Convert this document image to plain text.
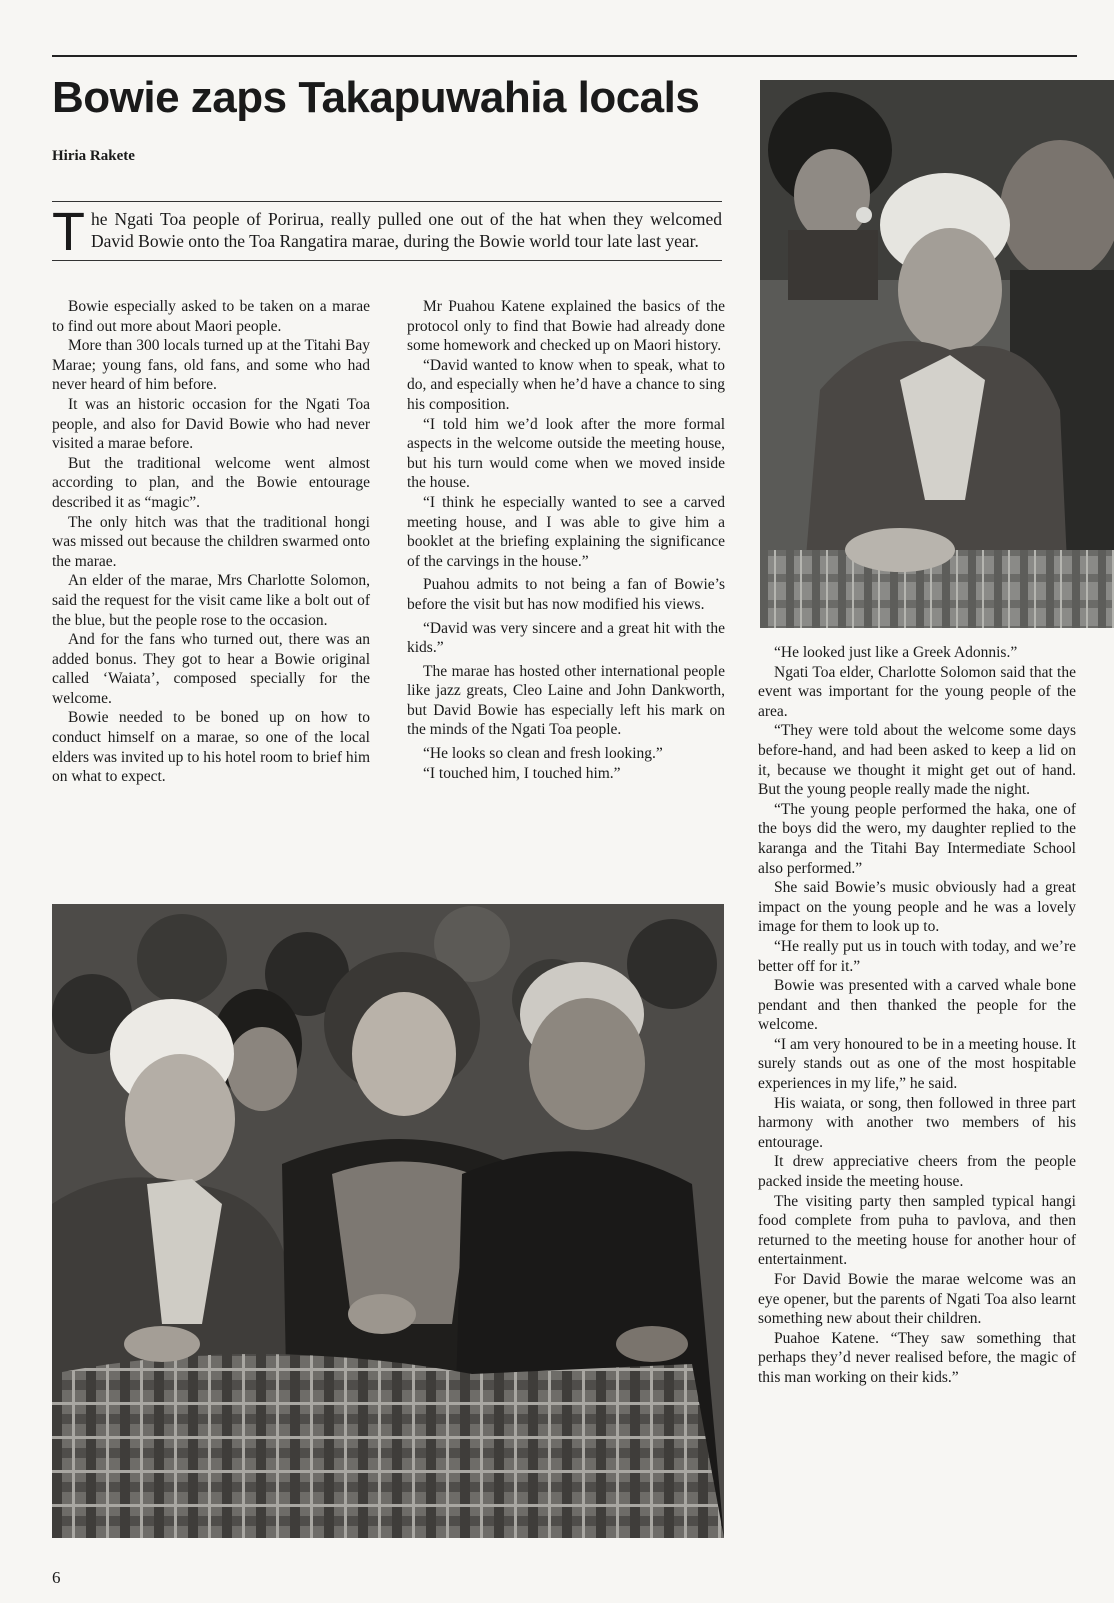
Bowie zaps Takapuwahia locals
Hiria Rakete

The Ngati Toa people of Porirua, really pulled one out of the hat when they welcomed David Bowie onto the Toa Rangatira marae, during the Bowie world tour late last year.

Bowie especially asked to be taken on a marae to find out more about Maori people.

More than 300 locals turned up at the Titahi Bay Marae; young fans, old fans, and some who had never heard of him before.

It was an historic occasion for the Ngati Toa people, and also for David Bowie who had never visited a marae before.

But the traditional welcome went almost according to plan, and the Bowie entourage described it as “magic”.

The only hitch was that the traditional hongi was missed out because the children swarmed onto the marae.

An elder of the marae, Mrs Charlotte Solomon, said the request for the visit came like a bolt out of the blue, but the people rose to the occasion.

And for the fans who turned out, there was an added bonus. They got to hear a Bowie original called ‘Waiata’, composed specially for the welcome.

Bowie needed to be boned up on how to conduct himself on a marae, so one of the local elders was invited up to his hotel room to brief him on what to expect.

Mr Puahou Katene explained the basics of the protocol only to find that Bowie had already done some homework and checked up on Maori history.

“David wanted to know when to speak, what to do, and especially when he’d have a chance to sing his composition.

“I told him we’d look after the more formal aspects in the welcome outside the meeting house, but his turn would come when we moved inside the house.

“I think he especially wanted to see a carved meeting house, and I was able to give him a booklet at the briefing explaining the significance of the carvings in the house.”

Puahou admits to not being a fan of Bowie’s before the visit but has now modified his views.

“David was very sincere and a great hit with the kids.”

The marae has hosted other international people like jazz greats, Cleo Laine and John Dankworth, but David Bowie has especially left his mark on the minds of the Ngati Toa people.

“He looks so clean and fresh looking.”

“I touched him, I touched him.”

“He looked just like a Greek Adonnis.”

Ngati Toa elder, Charlotte Solomon said that the event was important for the young people of the area.

“They were told about the welcome some days before-hand, and had been asked to keep a lid on it, because we thought it might get out of hand. But the young people really made the night.

“The young people performed the haka, one of the boys did the wero, my daughter replied to the karanga and the Titahi Bay Intermediate School also performed.”

She said Bowie’s music obviously had a great impact on the young people and he was a lovely image for them to look up to.

“He really put us in touch with today, and we’re better off for it.”

Bowie was presented with a carved whale bone pendant and then thanked the people for the welcome.

“I am very honoured to be in a meeting house. It surely stands out as one of the most hospitable experiences in my life,” he said.

His waiata, or song, then followed in three part harmony with another two members of his entourage.

It drew appreciative cheers from the people packed inside the meeting house.

The visiting party then sampled typical hangi food complete from puha to pavlova, and then returned to the meeting house for another hour of entertainment.

For David Bowie the marae welcome was an eye opener, but the parents of Ngati Toa also learnt something new about their children.

Puahoe Katene. “They saw something that perhaps they’d never realised before, the magic of this man working on their kids.”

6
